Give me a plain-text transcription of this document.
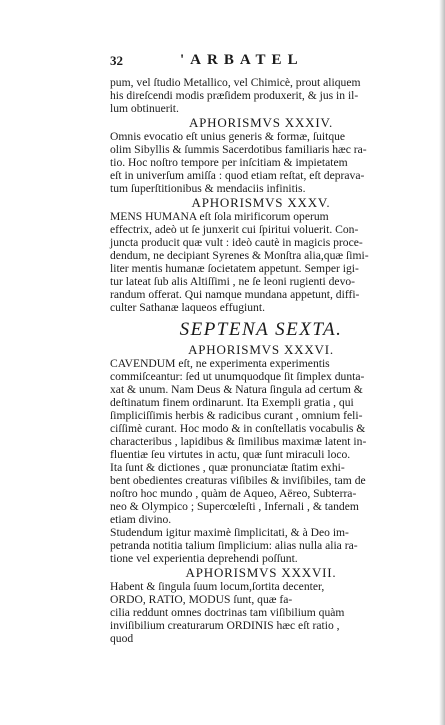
32	'ARBATEL
pum, vel ſtudio Metallico, vel Chimicè, prout aliquem
his direſcendi modis præſidem produxerit, & jus in il-
lum obtinuerit.
APHORISMVS XXXIV.
Omnis evocatio eſt unius generis & formæ, ſuitque
olim Sibyllis & ſummis Sacerdotibus familiaris hæc ra-
tio. Hoc noſtro tempore per inſcitiam & impietatem
eſt in univerſum amiſſa : quod etiam reſtat, eſt deprava-
tum ſuperſtitionibus & mendaciis infinitis.
APHORISMVS XXXV.
MENS HUMANA eſt ſola mirificorum operum
effectrix, adeò ut ſe junxerit cui ſpiritui voluerit. Con-
juncta producit quæ vult : ideò cautè in magicis proce-
dendum, ne decipiant Syrenes & Monſtra alia,quæ ſimi-
liter mentis humanæ ſocietatem appetunt. Semper igi-
tur lateat ſub alis Altiſſimi , ne ſe leoni rugienti devo-
randum offerat. Qui namque mundana appetunt, diffi-
culter Sathanæ laqueos effugiunt.
SEPTENA SEXTA.
APHORISMVS XXXVI.
CAVENDUM eſt, ne experimenta experimentis
commiſceantur: ſed ut unumquodque ſit ſimplex dunta-
xat & unum. Nam Deus & Natura ſingula ad certum &
deſtinatum finem ordinarunt. Ita Exempli gratia , qui
ſimpliciſſimis herbis & radicibus curant , omnium feli-
ciſſimè curant. Hoc modo & in conſtellatis vocabulis &
characteribus , lapidibus & ſimilibus maximæ latent in-
fluentiæ ſeu virtutes in actu, quæ ſunt miraculi loco.
Ita ſunt & dictiones , quæ pronunciatæ ſtatim exhi-
bent obedientes creaturas viſibiles & inviſibiles, tam de
noſtro hoc mundo , quàm de Aqueo, Aëreo, Subterra-
neo & Olympico ; Supercœleſti , Infernali , & tandem
etiam divino.
Studendum igitur maximè ſimplicitati, & à Deo im-
petranda notitia talium ſimplicium: alias nulla alia ra-
tione vel experientia deprehendi poſſunt.
APHORISMVS XXXVII.
Habent & ſingula ſuum locum,ſortita decenter,
ORDO, RATIO, MODUS ſunt, quæ fa-
cilia reddunt omnes doctrinas tam viſibilium quàm
inviſibilium creaturarum ORDINIS hæc eſt ratio ,
quod
